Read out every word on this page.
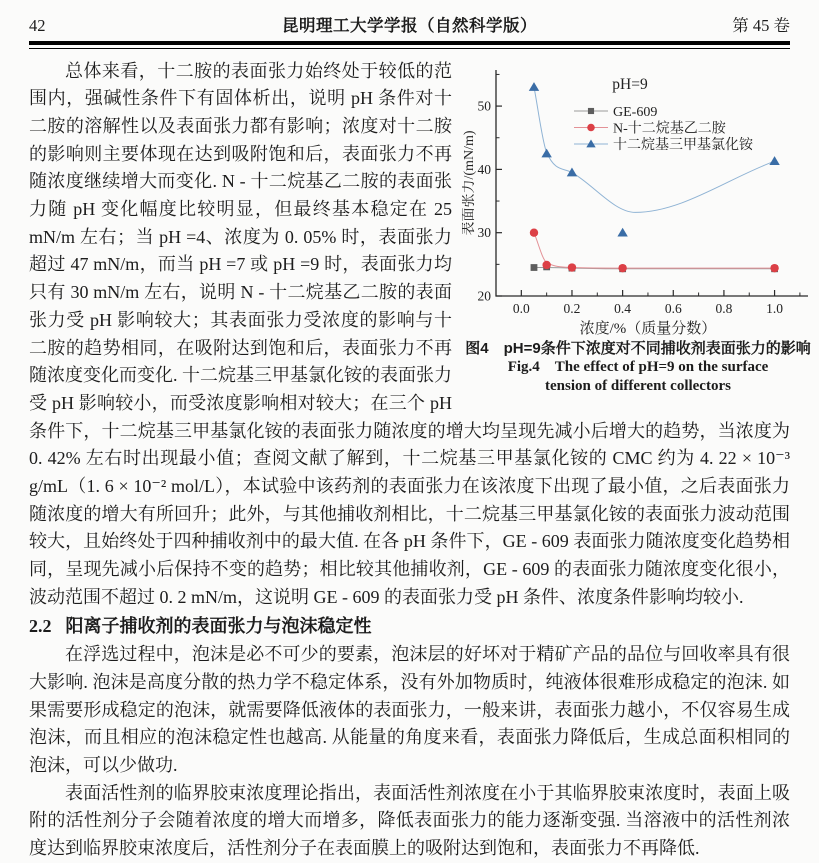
42	昆明理工大学学报（自然科学版）	第 45 卷
20
30
40
50
0.0	0.2	0.4	0.6	0.8	1.0
浓度/%（质量分数）
表面张力/(mN/m)
pH=9
GE-609
N-十二烷基乙二胺
十二烷基三甲基氯化铵
图4　pH=9条件下浓度对不同捕收剂表面张力的影响
Fig.4　The effect of pH=9 on the surface
tension of different collectors

总体来看，十二胺的表面张力始终处于较低的范围内，强碱性条件下有固体析出，说明 pH 条件对十二胺的溶解性以及表面张力都有影响；浓度对十二胺的影响则主要体现在达到吸附饱和后，表面张力不再随浓度继续增大而变化. N - 十二烷基乙二胺的表面张力随 pH 变化幅度比较明显，但最终基本稳定在 25 mN/m 左右；当 pH =4、浓度为 0. 05% 时，表面张力超过 47 mN/m，而当 pH =7 或 pH =9 时，表面张力均只有 30 mN/m 左右，说明 N - 十二烷基乙二胺的表面张力受 pH 影响较大；其表面张力受浓度的影响与十二胺的趋势相同，在吸附达到饱和后，表面张力不再随浓度变化而变化. 十二烷基三甲基氯化铵的表面张力受 pH 影响较小，而受浓度影响相对较大；在三个 pH 条件下，十二烷基三甲基氯化铵的表面张力随浓度的增大均呈现先减小后增大的趋势，当浓度为 0. 42% 左右时出现最小值；查阅文献了解到，十二烷基三甲基氯化铵的 CMC 约为 4. 22 × 10⁻³ g/mL（1. 6 × 10⁻² mol/L），本试验中该药剂的表面张力在该浓度下出现了最小值，之后表面张力随浓度的增大有所回升；此外，与其他捕收剂相比，十二烷基三甲基氯化铵的表面张力波动范围较大，且始终处于四种捕收剂中的最大值. 在各 pH 条件下，GE - 609 表面张力随浓度变化趋势相同，呈现先减小后保持不变的趋势；相比较其他捕收剂，GE - 609 的表面张力随浓度变化很小，波动范围不超过 0. 2 mN/m，这说明 GE - 609 的表面张力受 pH 条件、浓度条件影响均较小.

2.2 阳离子捕收剂的表面张力与泡沫稳定性

在浮选过程中，泡沫是必不可少的要素，泡沫层的好坏对于精矿产品的品位与回收率具有很大影响. 泡沫是高度分散的热力学不稳定体系，没有外加物质时，纯液体很难形成稳定的泡沫. 如果需要形成稳定的泡沫，就需要降低液体的表面张力，一般来讲，表面张力越小，不仅容易生成泡沫，而且相应的泡沫稳定性也越高. 从能量的角度来看，表面张力降低后，生成总面积相同的泡沫，可以少做功.

表面活性剂的临界胶束浓度理论指出，表面活性剂浓度在小于其临界胶束浓度时，表面上吸附的活性剂分子会随着浓度的增大而增多，降低表面张力的能力逐渐变强. 当溶液中的活性剂浓度达到临界胶束浓度后，活性剂分子在表面膜上的吸附达到饱和，表面张力不再降低.
